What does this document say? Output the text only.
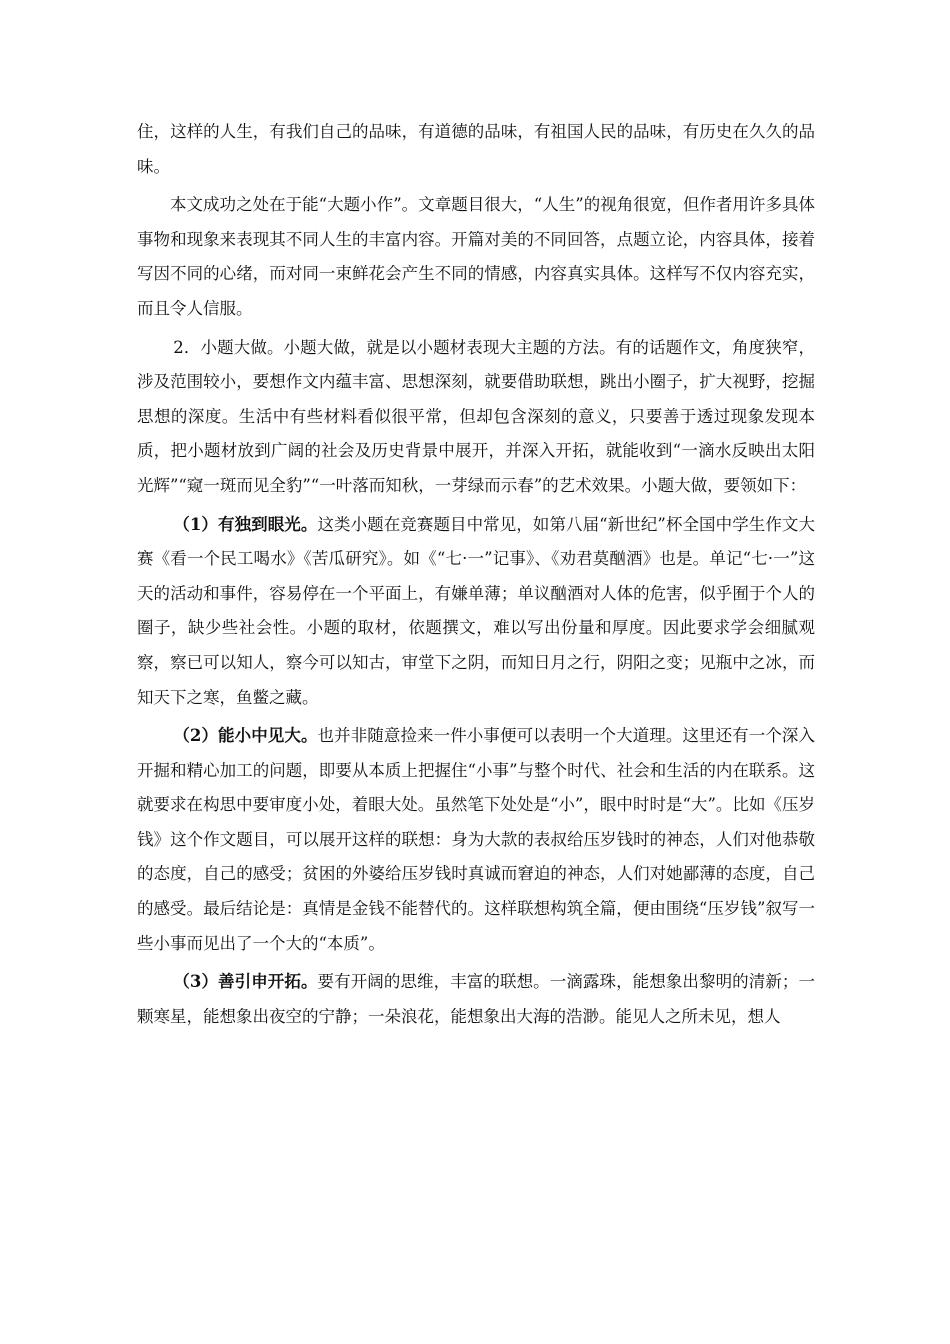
住，这样的人生，有我们自己的品味，有道德的品味，有祖国人民的品味，有历史在久久的品味。

本文成功之处在于能“大题小作”。文章题目很大，“人生”的视角很宽，但作者用许多具体事物和现象来表现其不同人生的丰富内容。开篇对美的不同回答，点题立论，内容具体，接着写因不同的心绪，而对同一束鲜花会产生不同的情感，内容真实具体。这样写不仅内容充实，而且令人信服。

2．小题大做。小题大做，就是以小题材表现大主题的方法。有的话题作文，角度狭窄，涉及范围较小，要想作文内蕴丰富、思想深刻，就要借助联想，跳出小圈子，扩大视野，挖掘思想的深度。生活中有些材料看似很平常，但却包含深刻的意义，只要善于透过现象发现本质，把小题材放到广阔的社会及历史背景中展开，并深入开拓，就能收到“一滴水反映出太阳光辉”“窥一斑而见全豹”“一叶落而知秋，一芽绿而示春”的艺术效果。小题大做，要领如下：

（1）有独到眼光。这类小题在竞赛题目中常见，如第八届“新世纪”杯全国中学生作文大赛《看一个民工喝水》《苦瓜研究》。如《“七·一”记事》、《劝君莫酗酒》也是。单记“七·一”这天的活动和事件，容易停在一个平面上，有嫌单薄；单议酗酒对人体的危害，似乎囿于个人的圈子，缺少些社会性。小题的取材，依题撰文，难以写出份量和厚度。因此要求学会细腻观察，察已可以知人，察今可以知古，审堂下之阴，而知日月之行，阴阳之变；见瓶中之冰，而知天下之寒，鱼鳖之藏。

（2）能小中见大。也并非随意捡来一件小事便可以表明一个大道理。这里还有一个深入开掘和精心加工的问题，即要从本质上把握住“小事”与整个时代、社会和生活的内在联系。这就要求在构思中要审度小处，着眼大处。虽然笔下处处是“小”，眼中时时是“大”。比如《压岁钱》这个作文题目，可以展开这样的联想：身为大款的表叔给压岁钱时的神态，人们对他恭敬的态度，自己的感受；贫困的外婆给压岁钱时真诚而窘迫的神态，人们对她鄙薄的态度，自己的感受。最后结论是：真情是金钱不能替代的。这样联想构筑全篇，便由围绕“压岁钱”叙写一些小事而见出了一个大的“本质”。

（3）善引申开拓。要有开阔的思维，丰富的联想。一滴露珠，能想象出黎明的清新；一颗寒星，能想象出夜空的宁静；一朵浪花，能想象出大海的浩渺。能见人之所未见，想人
